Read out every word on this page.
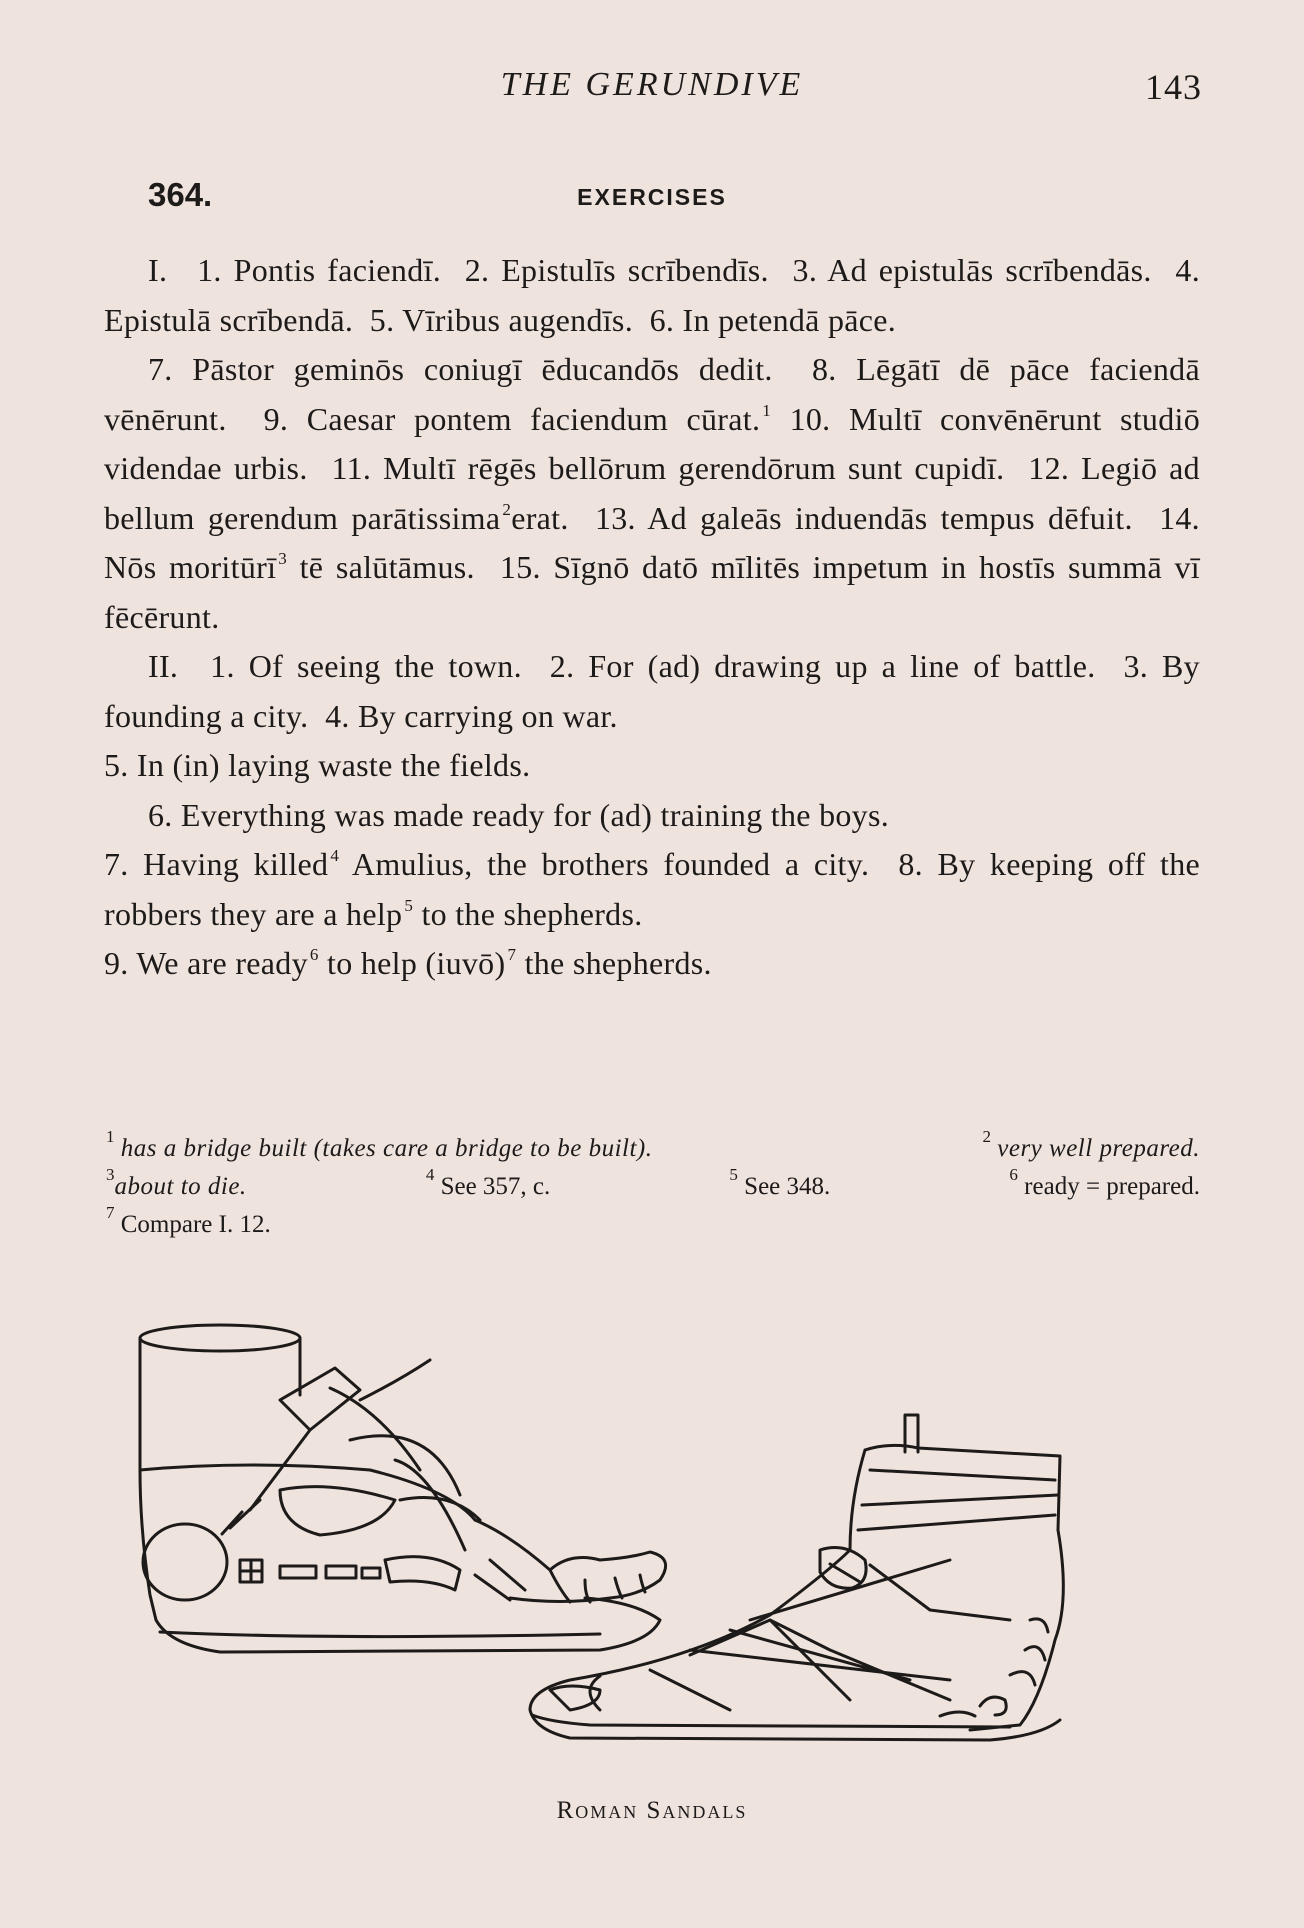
THE GERUNDIVE	143
364.	EXERCISES

I. 1. Pontis faciendī. 2. Epistulīs scrībendīs. 3. Ad epistulās scrībendās. 4. Epistulā scrībendā. 5. Vīribus augendīs. 6. In petendā pāce.

7. Pāstor geminōs coniugī ēducandōs dedit. 8. Lēgātī dē pāce faciendā vēnērunt. 9. Caesar pontem faciendum cūrat. $^1$ 10. Multī convēnērunt studiō videndae urbis. 11. Multī rēgēs bellōrum gerendōrum sunt cupidī. 12. Legiō ad bellum gerendum parātissima $^2$erat. 13. Ad galeās induendās tempus dēfuit. 14. Nōs moritūrī $^3$ tē salūtāmus. 15. Sīgnō datō mīlitēs impetum in hostīs summā vī fēcērunt.

II. 1. Of seeing the town. 2. For (ad) drawing up a line of battle. 3. By founding a city. 4. By carrying on war.
5. In (in) laying waste the fields.

6. Everything was made ready for (ad) training the boys.
7. Having killed $^4$ Amulius, the brothers founded a city. 8. By keeping off the robbers they are a help $^5$ to the shepherds.
9. We are ready $^6$ to help (iuvō) $^7$ the shepherds.

$^1$ has a bridge built (takes care a bridge to be built).	$^2$ very well prepared.
$^3$about to die.	$^4$ See 357, c.	$^5$ See 348.	$^6$ ready = prepared.
$^7$ Compare I. 12.
Roman Sandals
